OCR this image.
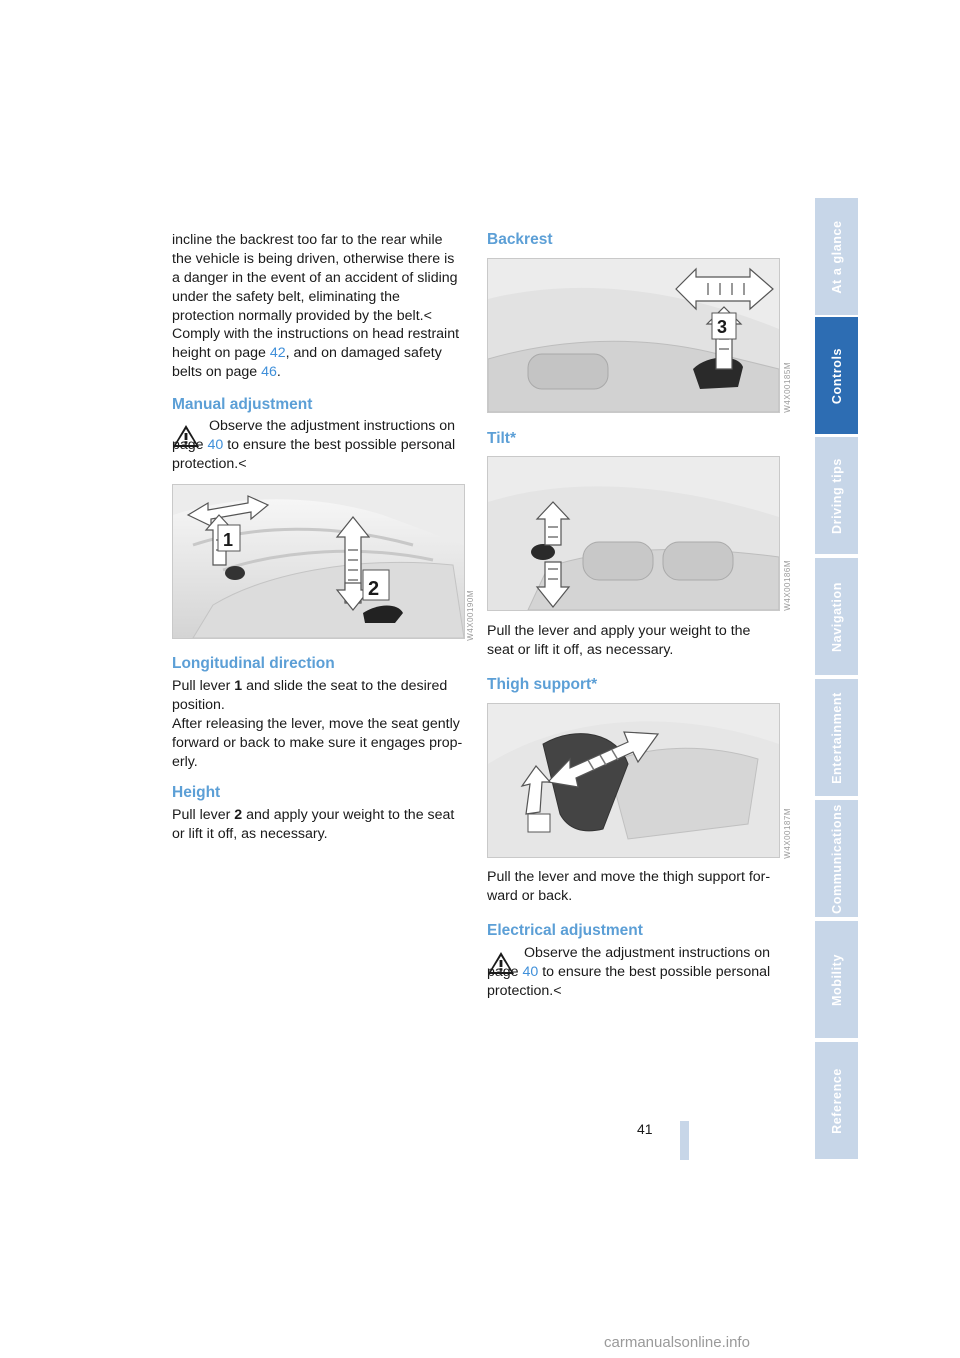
incline the backrest too far to the rear while the vehicle is being driven, otherwise there is a danger in the event of an accident of sliding under the safety belt, eliminating the protection normally provided by the belt.<

Comply with the instructions on head restraint height on page 42, and on damaged safety belts on page 46.

Manual adjustment

Observe the adjustment instructions on page 40 to ensure the best possible personal protection.<

2
1
W4X00190M
Longitudinal direction

Pull lever 1 and slide the seat to the desired position.

After releasing the lever, move the seat gently forward or back to make sure it engages properly.

Height

Pull lever 2 and apply your weight to the seat or lift it off, as necessary.

Backrest
3
W4X00185M
Tilt*
W4X00186M

Pull the lever and apply your weight to the seat or lift it off, as necessary.

Thigh support*
W4X00187M

Pull the lever and move the thigh support forward or back.

Electrical adjustment

Observe the adjustment instructions on page 40 to ensure the best possible personal protection.<

At a glance
Controls
Driving tips
Navigation
Entertainment
Communications
Mobility
Reference
41
carmanualsonline.info
